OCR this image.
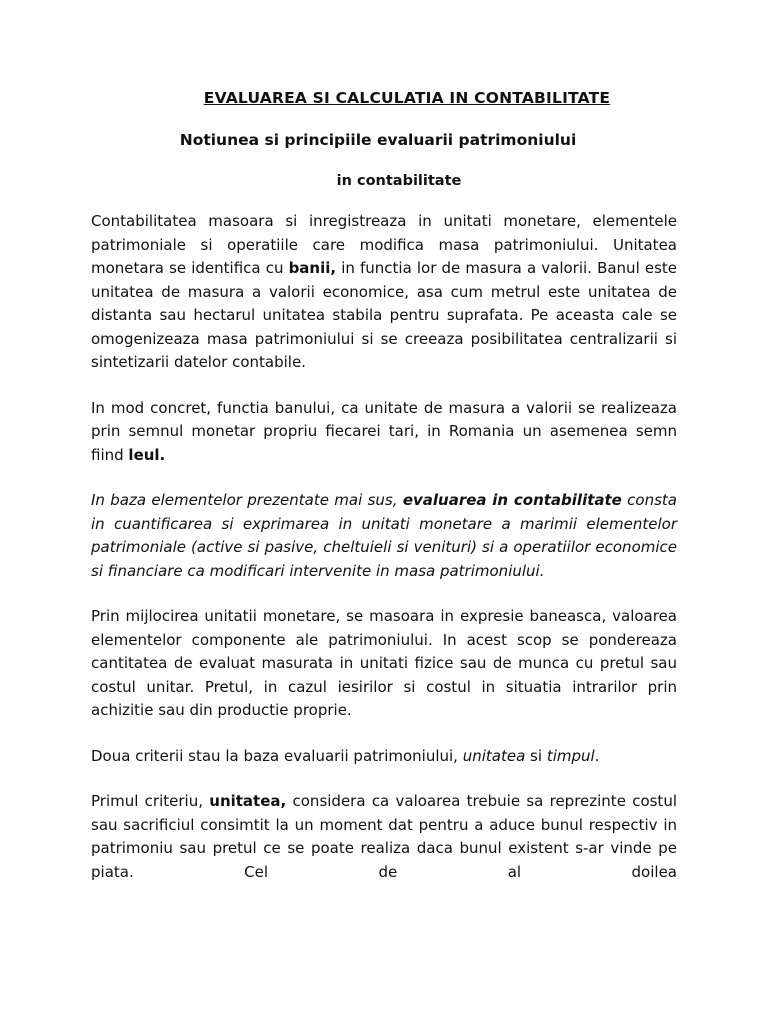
EVALUAREA SI CALCULATIA IN CONTABILITATE
Notiunea si principiile evaluarii patrimoniului
in contabilitate

Contabilitatea masoara si inregistreaza in unitati monetare, elementele patrimoniale si operatiile care modifica masa patrimoniului. Unitatea monetara se identifica cu banii, in functia lor de masura a valorii. Banul este unitatea de masura a valorii economice, asa cum metrul este unitatea de distanta sau hectarul unitatea stabila pentru suprafata. Pe aceasta cale se omogenizeaza masa patrimoniului si se creeaza posibilitatea centralizarii si sintetizarii datelor contabile.

In mod concret, functia banului, ca unitate de masura a valorii se realizeaza prin semnul monetar propriu fiecarei tari, in Romania un asemenea semn fiind leul.

In baza elementelor prezentate mai sus, evaluarea in contabilitate consta in cuantificarea si exprimarea in unitati monetare a marimii elementelor patrimoniale (active si pasive, cheltuieli si venituri) si a operatiilor economice si financiare ca modificari intervenite in masa patrimoniului.

Prin mijlocirea unitatii monetare, se masoara in expresie baneasca, valoarea elementelor componente ale patrimoniului. In acest scop se pondereaza cantitatea de evaluat masurata in unitati fizice sau de munca cu pretul sau costul unitar. Pretul, in cazul iesirilor si costul in situatia intrarilor prin achizitie sau din productie proprie.

Doua criterii stau la baza evaluarii patrimoniului, unitatea si timpul.

Primul criteriu, unitatea, considera ca valoarea trebuie sa reprezinte costul sau sacrificiul consimtit la un moment dat pentru a aduce bunul respectiv in patrimoniu sau pretul ce se poate realiza daca bunul existent s-ar vinde pe piata. Cel de al doilea
